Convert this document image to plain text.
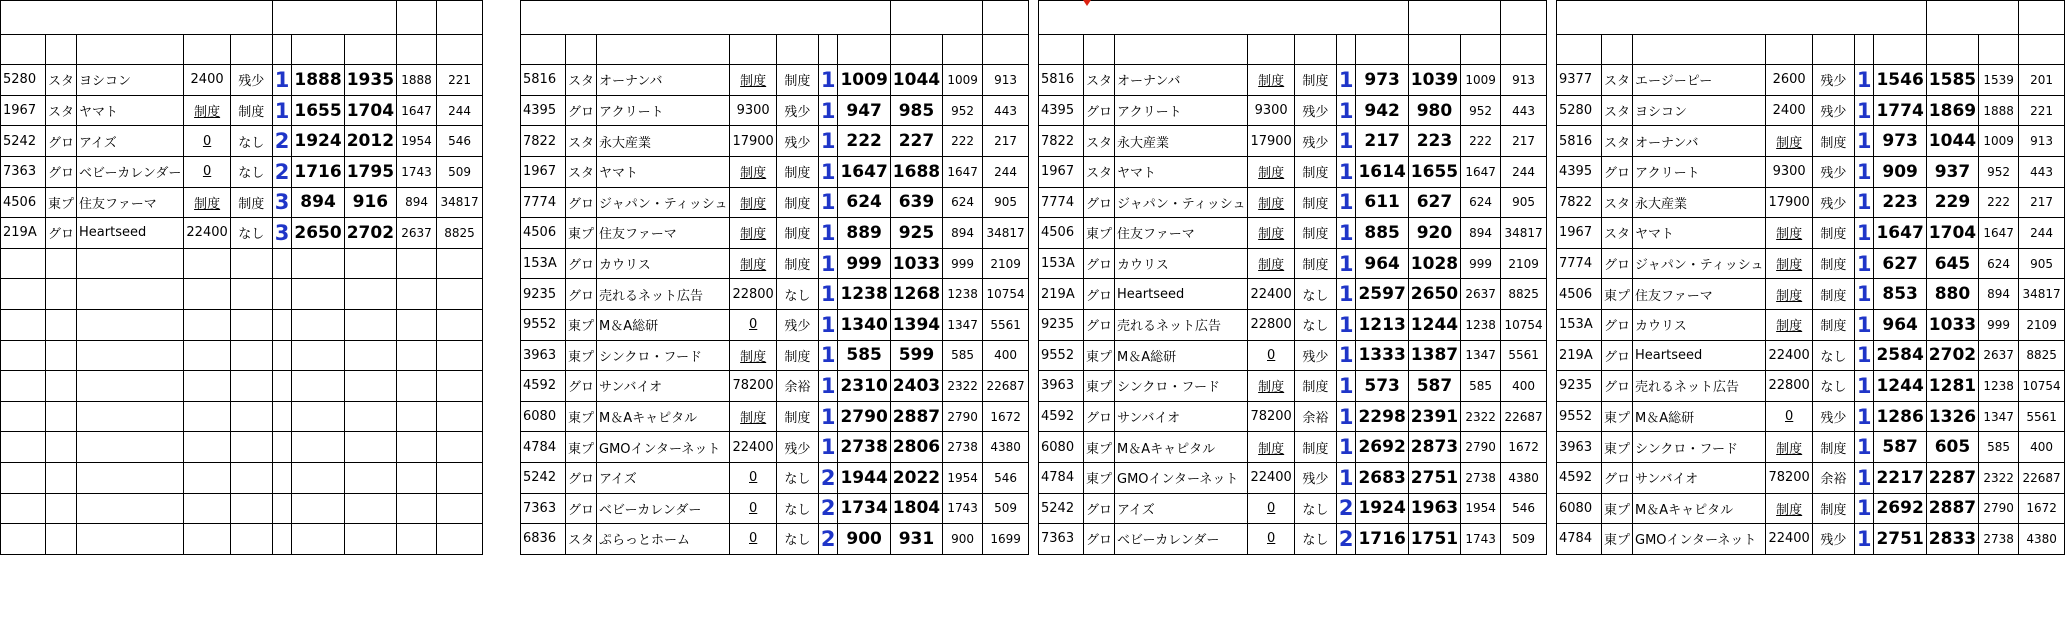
5280	スタ	ヨシコン	2400	残少	1	1888	1935	1888	221
1967	スタ	ヤマト	制度	制度	1	1655	1704	1647	244
5242	グロ	アイズ	0	なし	2	1924	2012	1954	546
7363	グロ	ベビーカレンダー	0	なし	2	1716	1795	1743	509
4506	東プ	住友ファーマ	制度	制度	3	894	916	894	34817
219A	グロ	Heartseed	22400	なし	3	2650	2702	2637	8825

5816	スタ	オーナンバ	制度	制度	1	1009	1044	1009	913
4395	グロ	アクリート	9300	残少	1	947	985	952	443
7822	スタ	永大産業	17900	残少	1	222	227	222	217
1967	スタ	ヤマト	制度	制度	1	1647	1688	1647	244
7774	グロ	ジャパン・ティッシュ	制度	制度	1	624	639	624	905
4506	東プ	住友ファーマ	制度	制度	1	889	925	894	34817
153A	グロ	カウリス	制度	制度	1	999	1033	999	2109
9235	グロ	売れるネット広告	22800	なし	1	1238	1268	1238	10754
9552	東プ	M＆A総研	0	残少	1	1340	1394	1347	5561
3963	東プ	シンクロ・フード	制度	制度	1	585	599	585	400
4592	グロ	サンバイオ	78200	余裕	1	2310	2403	2322	22687
6080	東プ	M＆Aキャピタル	制度	制度	1	2790	2887	2790	1672
4784	東プ	GMOインターネット	22400	残少	1	2738	2806	2738	4380
5242	グロ	アイズ	0	なし	2	1944	2022	1954	546
7363	グロ	ベビーカレンダー	0	なし	2	1734	1804	1743	509
6836	スタ	ぷらっとホーム	0	なし	2	900	931	900	1699

5816	スタ	オーナンバ	制度	制度	1	973	1039	1009	913
4395	グロ	アクリート	9300	残少	1	942	980	952	443
7822	スタ	永大産業	17900	残少	1	217	223	222	217
1967	スタ	ヤマト	制度	制度	1	1614	1655	1647	244
7774	グロ	ジャパン・ティッシュ	制度	制度	1	611	627	624	905
4506	東プ	住友ファーマ	制度	制度	1	885	920	894	34817
153A	グロ	カウリス	制度	制度	1	964	1028	999	2109
219A	グロ	Heartseed	22400	なし	1	2597	2650	2637	8825
9235	グロ	売れるネット広告	22800	なし	1	1213	1244	1238	10754
9552	東プ	M＆A総研	0	残少	1	1333	1387	1347	5561
3963	東プ	シンクロ・フード	制度	制度	1	573	587	585	400
4592	グロ	サンバイオ	78200	余裕	1	2298	2391	2322	22687
6080	東プ	M＆Aキャピタル	制度	制度	1	2692	2873	2790	1672
4784	東プ	GMOインターネット	22400	残少	1	2683	2751	2738	4380
5242	グロ	アイズ	0	なし	2	1924	1963	1954	546
7363	グロ	ベビーカレンダー	0	なし	2	1716	1751	1743	509

9377	スタ	エージーピー	2600	残少	1	1546	1585	1539	201
5280	スタ	ヨシコン	2400	残少	1	1774	1869	1888	221
5816	スタ	オーナンバ	制度	制度	1	973	1044	1009	913
4395	グロ	アクリート	9300	残少	1	909	937	952	443
7822	スタ	永大産業	17900	残少	1	223	229	222	217
1967	スタ	ヤマト	制度	制度	1	1647	1704	1647	244
7774	グロ	ジャパン・ティッシュ	制度	制度	1	627	645	624	905
4506	東プ	住友ファーマ	制度	制度	1	853	880	894	34817
153A	グロ	カウリス	制度	制度	1	964	1033	999	2109
219A	グロ	Heartseed	22400	なし	1	2584	2702	2637	8825
9235	グロ	売れるネット広告	22800	なし	1	1244	1281	1238	10754
9552	東プ	M＆A総研	0	残少	1	1286	1326	1347	5561
3963	東プ	シンクロ・フード	制度	制度	1	587	605	585	400
4592	グロ	サンバイオ	78200	余裕	1	2217	2287	2322	22687
6080	東プ	M＆Aキャピタル	制度	制度	1	2692	2887	2790	1672
4784	東プ	GMOインターネット	22400	残少	1	2751	2833	2738	4380
